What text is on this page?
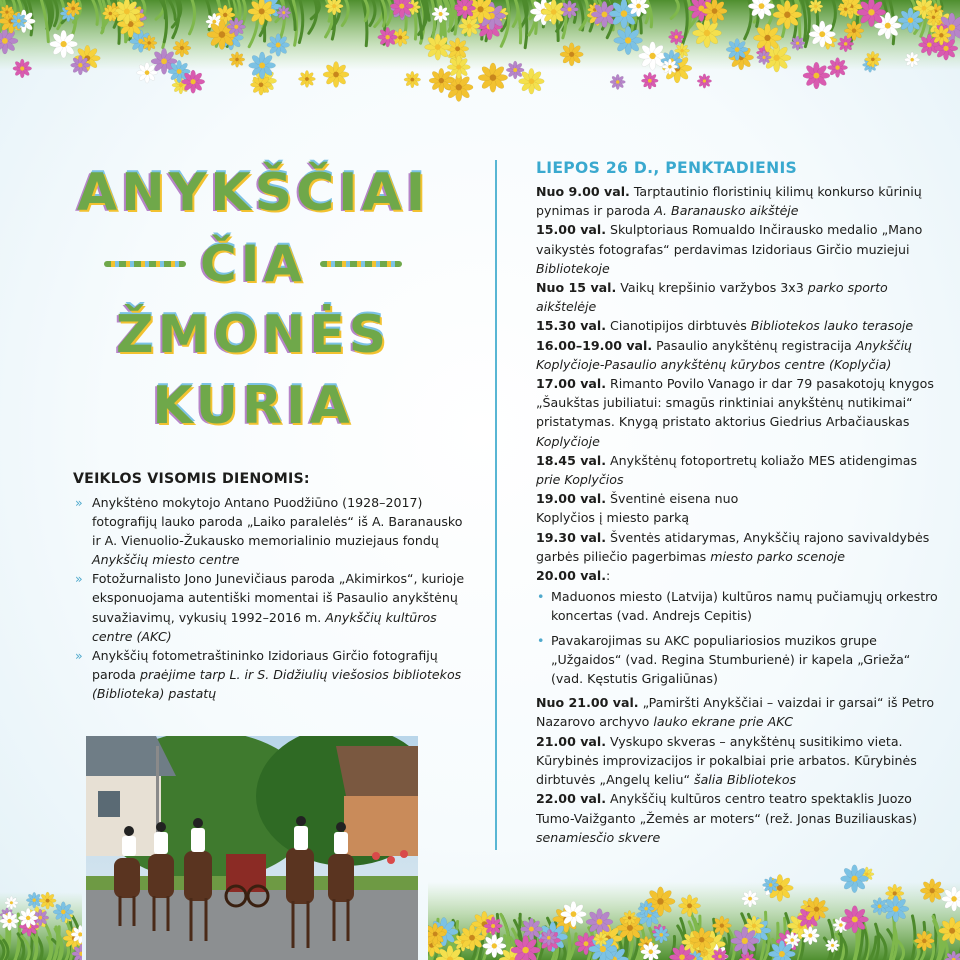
ANYKŠČIAI
ČIA
ŽMONĖS
KURIA
VEIKLOS VISOMIS DIENOMIS:
» Anykštėno mokytojo Antano Puodžiūno (1928–2017) fotografijų lauko paroda „Laiko paralelės“ iš A. Baranausko ir A. Vienuolio-Žukausko memorialinio muziejaus fondų Anykščių miesto centre
» Fotožurnalisto Jono Junevičiaus paroda „Akimirkos“, kurioje eksponuojama autentiški momentai iš Pasaulio anykštėnų suvažiavimų, vykusių 1992–2016 m. Anykščių kultūros centre (AKC)
» Anykščių fotometraštininko Izidoriaus Girčio fotografijų paroda praėjime tarp L. ir S. Didžiulių viešosios bibliotekos (Biblioteka) pastatų
LIEPOS 26 D., PENKTADIENIS
Nuo 9.00 val. Tarptautinio floristinių kilimų konkurso kūrinių pynimas ir paroda A. Baranausko aikštėje
15.00 val. Skulptoriaus Romualdo Inčirausko medalio „Mano vaikystės fotografas“ perdavimas Izidoriaus Girčio muziejui Bibliotekoje
Nuo 15 val. Vaikų krepšinio varžybos 3x3 parko sporto aikštelėje
15.30 val. Cianotipijos dirbtuvės Bibliotekos lauko terasoje
16.00–19.00 val. Pasaulio anykštėnų registracija Anykščių Koplyčioje-Pasaulio anykštėnų kūrybos centre (Koplyčia)
17.00 val. Rimanto Povilo Vanago ir dar 79 pasakotojų knygos „Šaukštas jubiliatui: smagūs rinktiniai anykštėnų nutikimai“ pristatymas. Knygą pristato aktorius Giedrius Arbačiauskas Koplyčioje
18.45 val. Anykštėnų fotoportretų koliažo MES atidengimas prie Koplyčios
19.00 val. Šventinė eisena nuo Koplyčios į miesto parką
19.30 val. Šventės atidarymas, Anykščių rajono savivaldybės garbės piliečio pagerbimas miesto parko scenoje
20.00 val.:
• Maduonos miesto (Latvija) kultūros namų pučiamųjų orkestro koncertas (vad. Andrejs Cepitis)
• Pavakarojimas su AKC populiariosios muzikos grupe „Užgaidos“ (vad. Regina Stumburienė) ir kapela „Grieža“ (vad. Kęstutis Grigaliūnas)
Nuo 21.00 val. „Pamiršti Anykščiai – vaizdai ir garsai“ iš Petro Nazarovo archyvo lauko ekrane prie AKC
21.00 val. Vyskupo skveras – anykštėnų susitikimo vieta. Kūrybinės improvizacijos ir pokalbiai prie arbatos. Kūrybinės dirbtuvės „Angelų keliu“ šalia Bibliotekos
22.00 val. Anykščių kultūros centro teatro spektaklis Juozo Tumo-Vaižganto „Žemės ar moters“ (rež. Jonas Buziliauskas) senamiesčio skvere
